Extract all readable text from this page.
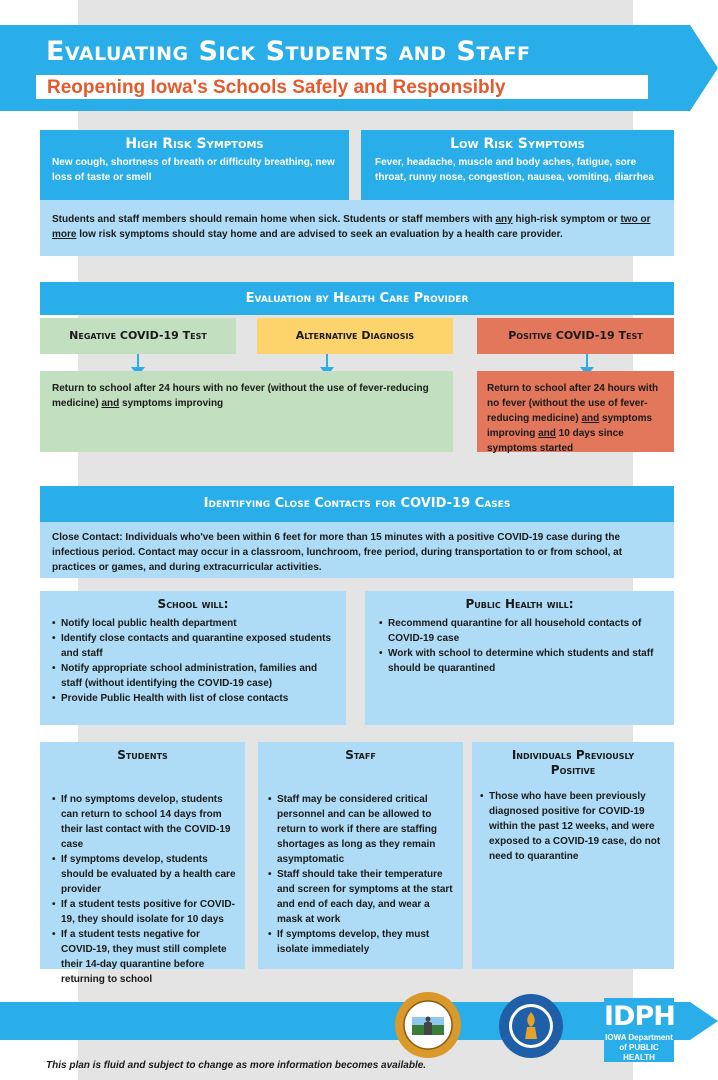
Evaluating Sick Students and Staff
Reopening Iowa's Schools Safely and Responsibly
High Risk Symptoms
New cough, shortness of breath or difficulty breathing, new loss of taste or smell
Low Risk Symptoms
Fever, headache, muscle and body aches, fatigue, sore throat, runny nose, congestion, nausea, vomiting, diarrhea
Students and staff members should remain home when sick. Students or staff members with any high-risk symptom or two or more low risk symptoms should stay home and are advised to seek an evaluation by a health care provider.
Evaluation by Health Care Provider
Negative COVID-19 Test	Alternative Diagnosis	Positive COVID-19 Test
Return to school after 24 hours with no fever (without the use of fever-reducing medicine) and symptoms improving
Return to school after 24 hours with no fever (without the use of fever-reducing medicine) and symptoms improving and 10 days since symptoms started
Identifying Close Contacts for COVID-19 Cases
Close Contact: Individuals who've been within 6 feet for more than 15 minutes with a positive COVID-19 case during the infectious period. Contact may occur in a classroom, lunchroom, free period, during transportation to or from school, at practices or games, and during extracurricular activities.
School will:
• Notify local public health department
• Identify close contacts and quarantine exposed students and staff
• Notify appropriate school administration, families and staff (without identifying the COVID-19 case)
• Provide Public Health with list of close contacts
Public Health will:
• Recommend quarantine for all household contacts of COVID-19 case
• Work with school to determine which students and staff should be quarantined
Students
• If no symptoms develop, students can return to school 14 days from their last contact with the COVID-19 case
• If symptoms develop, students should be evaluated by a health care provider
• If a student tests positive for COVID-19, they should isolate for 10 days
• If a student tests negative for COVID-19, they must still complete their 14-day quarantine before returning to school
Staff
• Staff may be considered critical personnel and can be allowed to return to work if there are staffing shortages as long as they remain asymptomatic
• Staff should take their temperature and screen for symptoms at the start and end of each day, and wear a mask at work
• If symptoms develop, they must isolate immediately
Individuals Previously Positive
• Those who have been previously diagnosed positive for COVID-19 within the past 12 weeks, and were exposed to a COVID-19 case, do not need to quarantine
IDPH
IOWA Department
of PUBLIC HEALTH
This plan is fluid and subject to change as more information becomes available.
